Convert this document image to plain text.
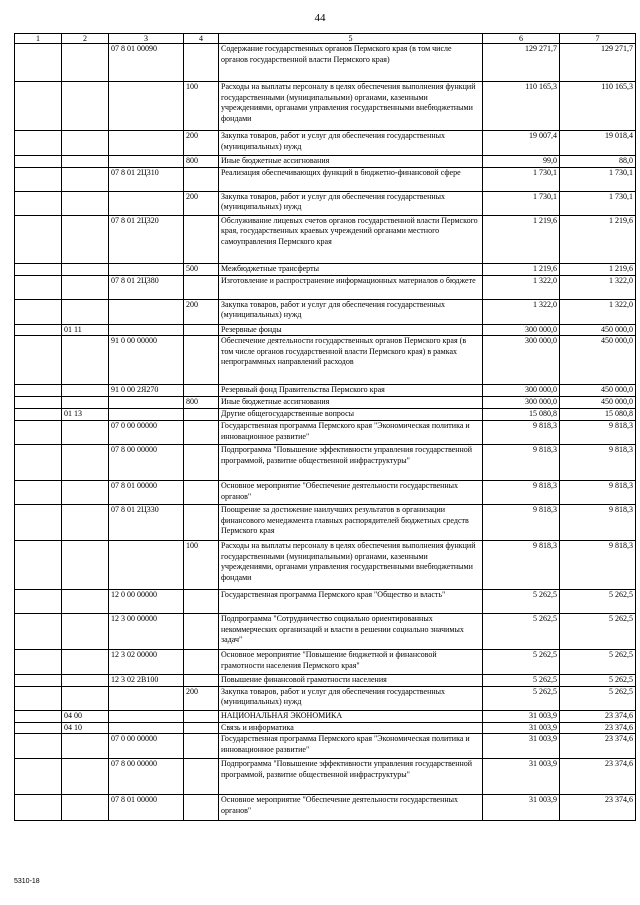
44
1	2	3	4	5	6	7
		07 8 01 00090		Содержание государственных органов Пермского края (в том числе органов государственной власти Пермского края)	129 271,7	129 271,7
			100	Расходы на выплаты персоналу в целях обеспечения выполнения функций государственными (муниципальными) органами, казенными учреждениями, органами управления государственными внебюджетными фондами	110 165,3	110 165,3
			200	Закупка товаров, работ и услуг для обеспечения государственных (муниципальных) нужд	19 007,4	19 018,4
			800	Иные бюджетные ассигнования	99,0	88,0
		07 8 01 2Ц310		Реализация обеспечивающих функций в бюджетно-финансовой сфере	1 730,1	1 730,1
			200	Закупка товаров, работ и услуг для обеспечения государственных (муниципальных) нужд	1 730,1	1 730,1
		07 8 01 2Ц320		Обслуживание лицевых счетов органов государственной власти Пермского края, государственных краевых учреждений органами местного самоуправления Пермского края	1 219,6	1 219,6
			500	Межбюджетные трансферты	1 219,6	1 219,6
		07 8 01 2Ц380		Изготовление и распространение информационных материалов о бюджете	1 322,0	1 322,0
			200	Закупка товаров, работ и услуг для обеспечения государственных (муниципальных) нужд	1 322,0	1 322,0
	01 11			Резервные фонды	300 000,0	450 000,0
		91 0 00 00000		Обеспечение деятельности государственных органов Пермского края (в том числе органов государственной власти Пермского края) в рамках непрограммных направлений расходов	300 000,0	450 000,0
		91 0 00 2Я270		Резервный фонд Правительства Пермского края	300 000,0	450 000,0
			800	Иные бюджетные ассигнования	300 000,0	450 000,0
	01 13			Другие общегосударственные вопросы	15 080,8	15 080,8
		07 0 00 00000		Государственная программа Пермского края "Экономическая политика и инновационное развитие"	9 818,3	9 818,3
		07 8 00 00000		Подпрограмма "Повышение эффективности управления государственной программой, развитие общественной инфраструктуры"	9 818,3	9 818,3
		07 8 01 00000		Основное мероприятие "Обеспечение деятельности государственных органов"	9 818,3	9 818,3
		07 8 01 2Ц330		Поощрение за достижение наилучших результатов в организации финансового менеджмента главных распорядителей бюджетных средств Пермского края	9 818,3	9 818,3
			100	Расходы на выплаты персоналу в целях обеспечения выполнения функций государственными (муниципальными) органами, казенными учреждениями, органами управления государственными внебюджетными фондами	9 818,3	9 818,3
		12 0 00 00000		Государственная программа Пермского края "Общество и власть"	5 262,5	5 262,5
		12 3 00 00000		Подпрограмма "Сотрудничество социально ориентированных некоммерческих организаций и власти в решении социально значимых задач"	5 262,5	5 262,5
		12 3 02 00000		Основное мероприятие "Повышение бюджетной и финансовой грамотности населения Пермского края"	5 262,5	5 262,5
		12 3 02 2В100		Повышение финансовой грамотности населения	5 262,5	5 262,5
			200	Закупка товаров, работ и услуг для обеспечения государственных (муниципальных) нужд	5 262,5	5 262,5
	04 00			НАЦИОНАЛЬНАЯ ЭКОНОМИКА	31 003,9	23 374,6
	04 10			Связь и информатика	31 003,9	23 374,6
		07 0 00 00000		Государственная программа Пермского края "Экономическая политика и инновационное развитие"	31 003,9	23 374,6
		07 8 00 00000		Подпрограмма "Повышение эффективности управления государственной программой, развитие общественной инфраструктуры"	31 003,9	23 374,6
		07 8 01 00000		Основное мероприятие "Обеспечение деятельности государственных органов"	31 003,9	23 374,6
5310-18
